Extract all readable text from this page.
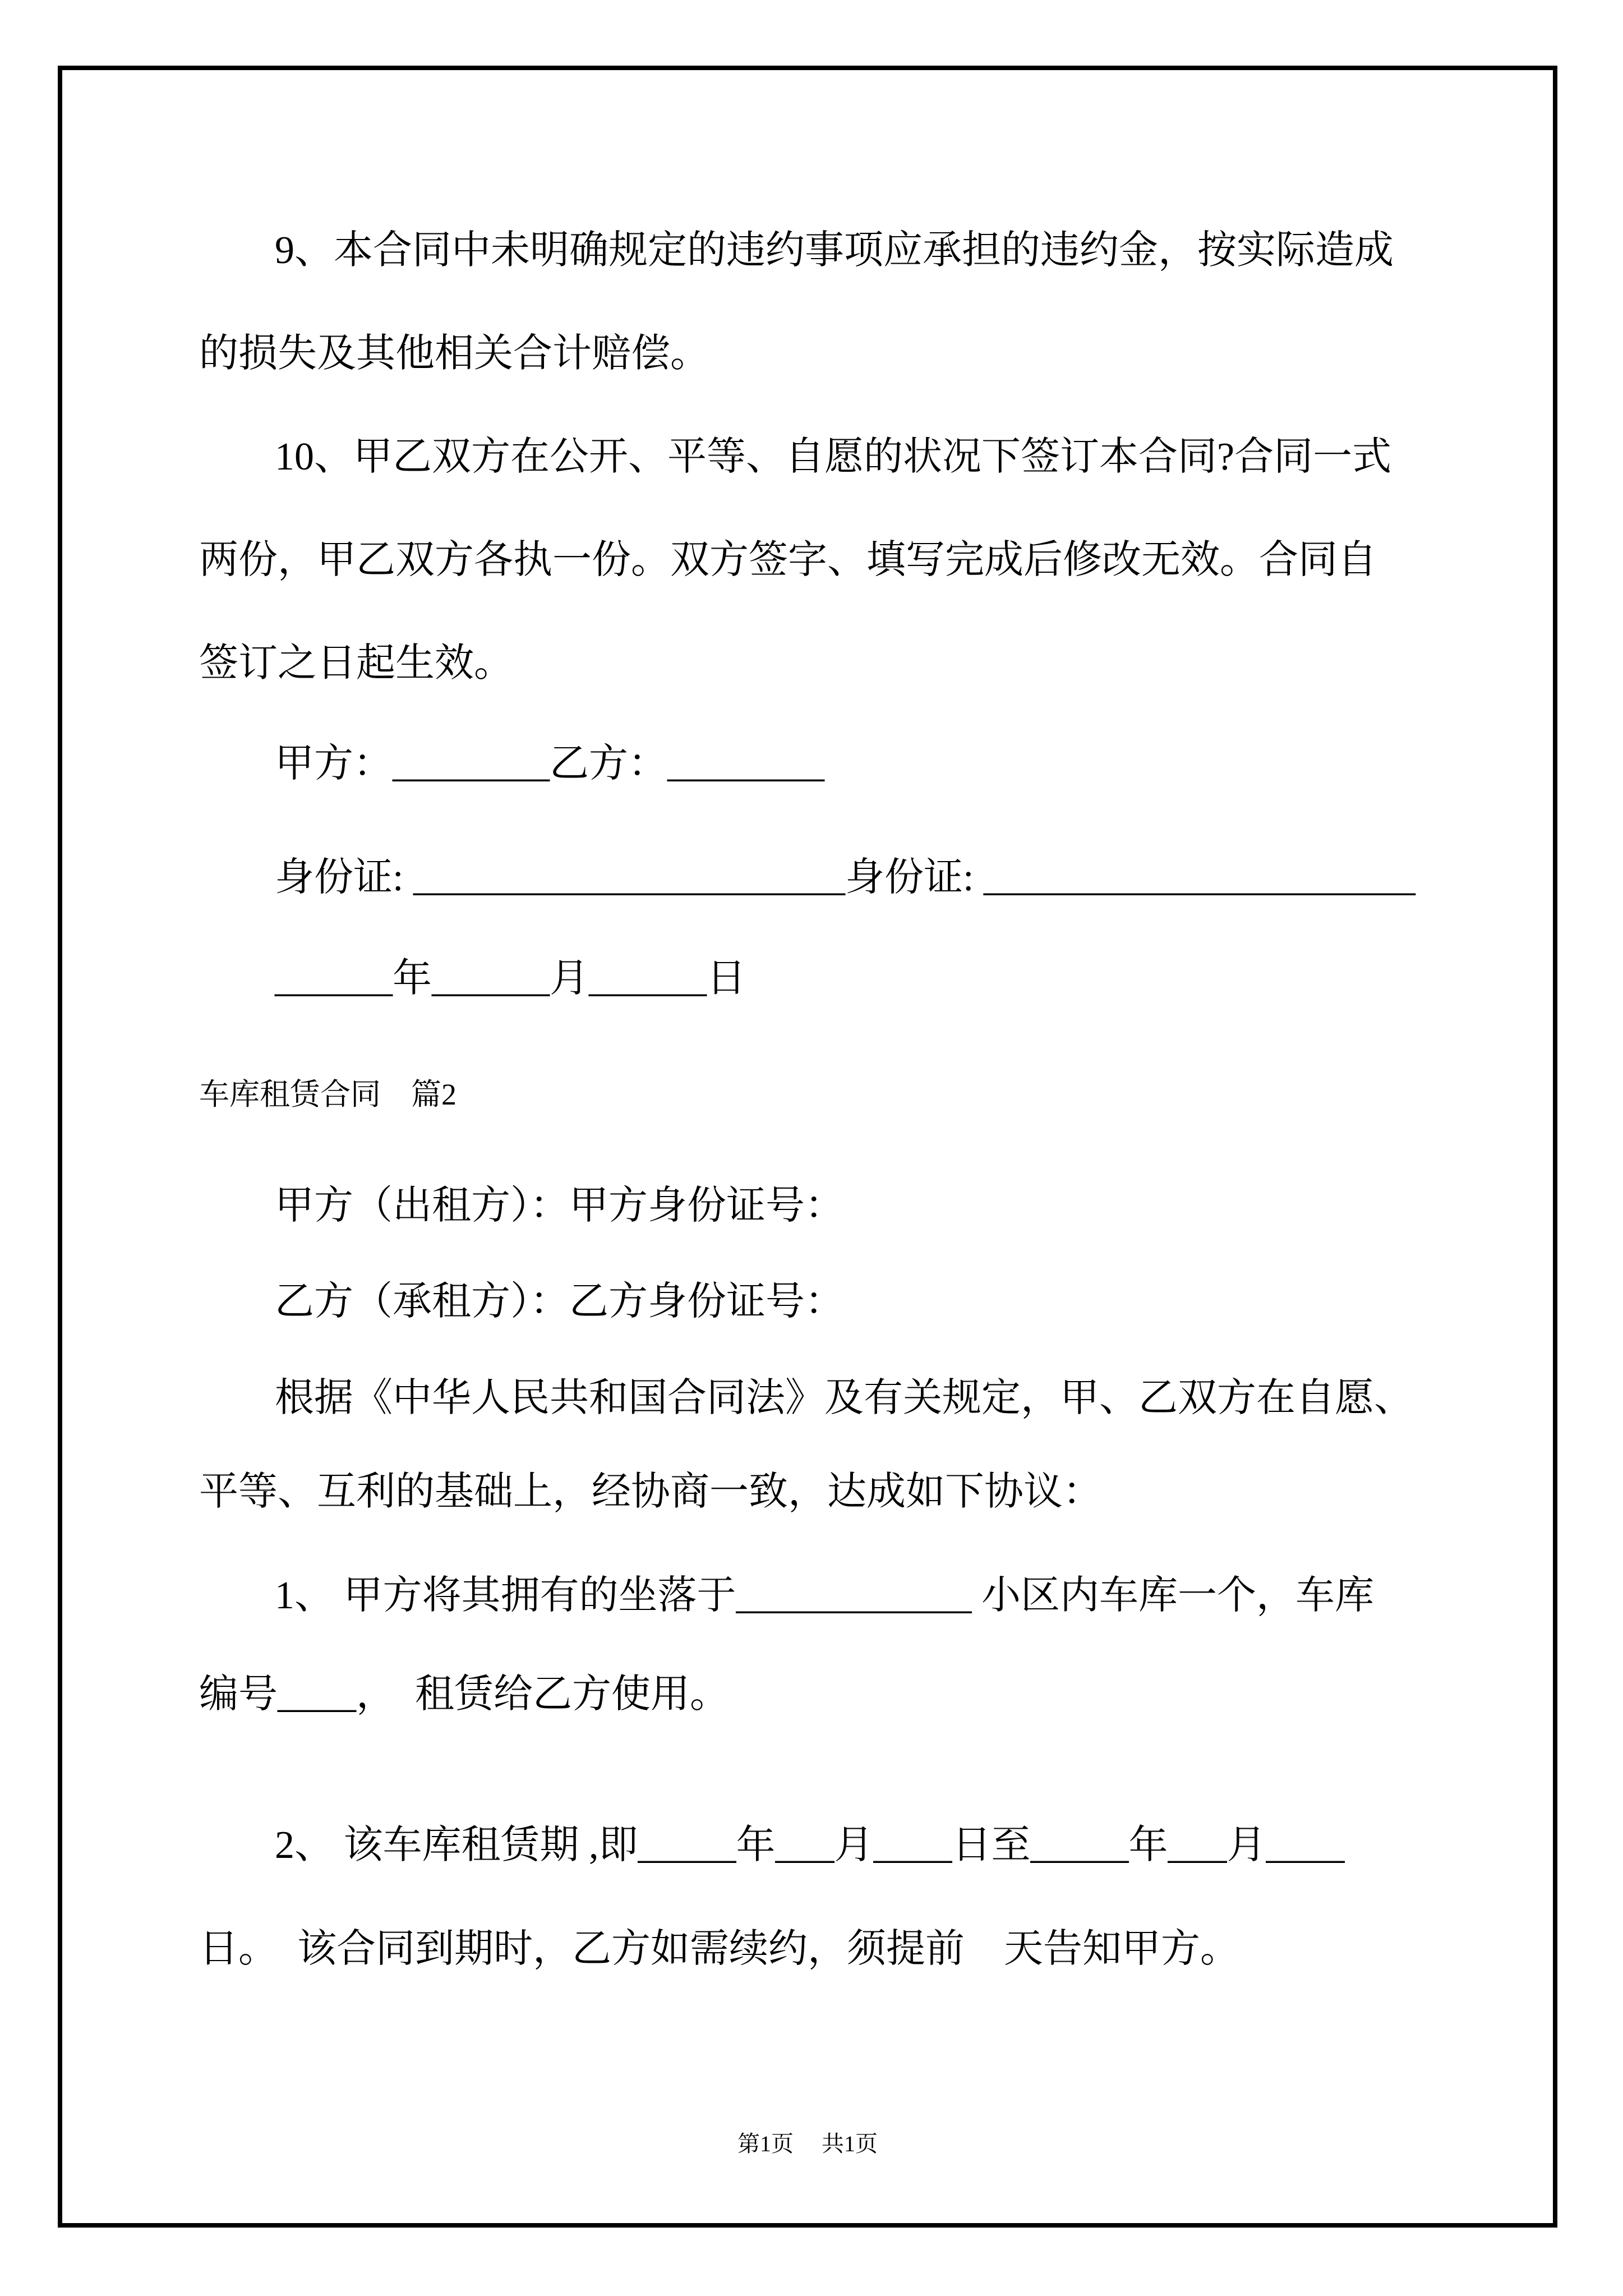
9、本合同中未明确规定的违约事项应承担的违约金，按实际造成
的损失及其他相关合计赔偿。
10、甲乙双方在公开、平等、自愿的状况下签订本合同?合同一式
两份，甲乙双方各执一份。双方签字、填写完成后修改无效。合同自
签订之日起生效。
甲方：________乙方：________
身份证: ______________________身份证: ______________________
______年______月______日
车库租赁合同　篇2
甲方（出租方）：甲方身份证号：
乙方（承租方）：乙方身份证号：
根据《中华人民共和国合同法》及有关规定，甲、乙双方在自愿、
平等、互利的基础上，经协商一致，达成如下协议：
1、 甲方将其拥有的坐落于____________ 小区内车库一个，车库
编号____，　租赁给乙方使用。
2、 该车库租赁期 ,即_____年___月____日至_____年___月____
日。  该合同到期时，乙方如需续约，须提前　天告知甲方。
第1页　 共1页
